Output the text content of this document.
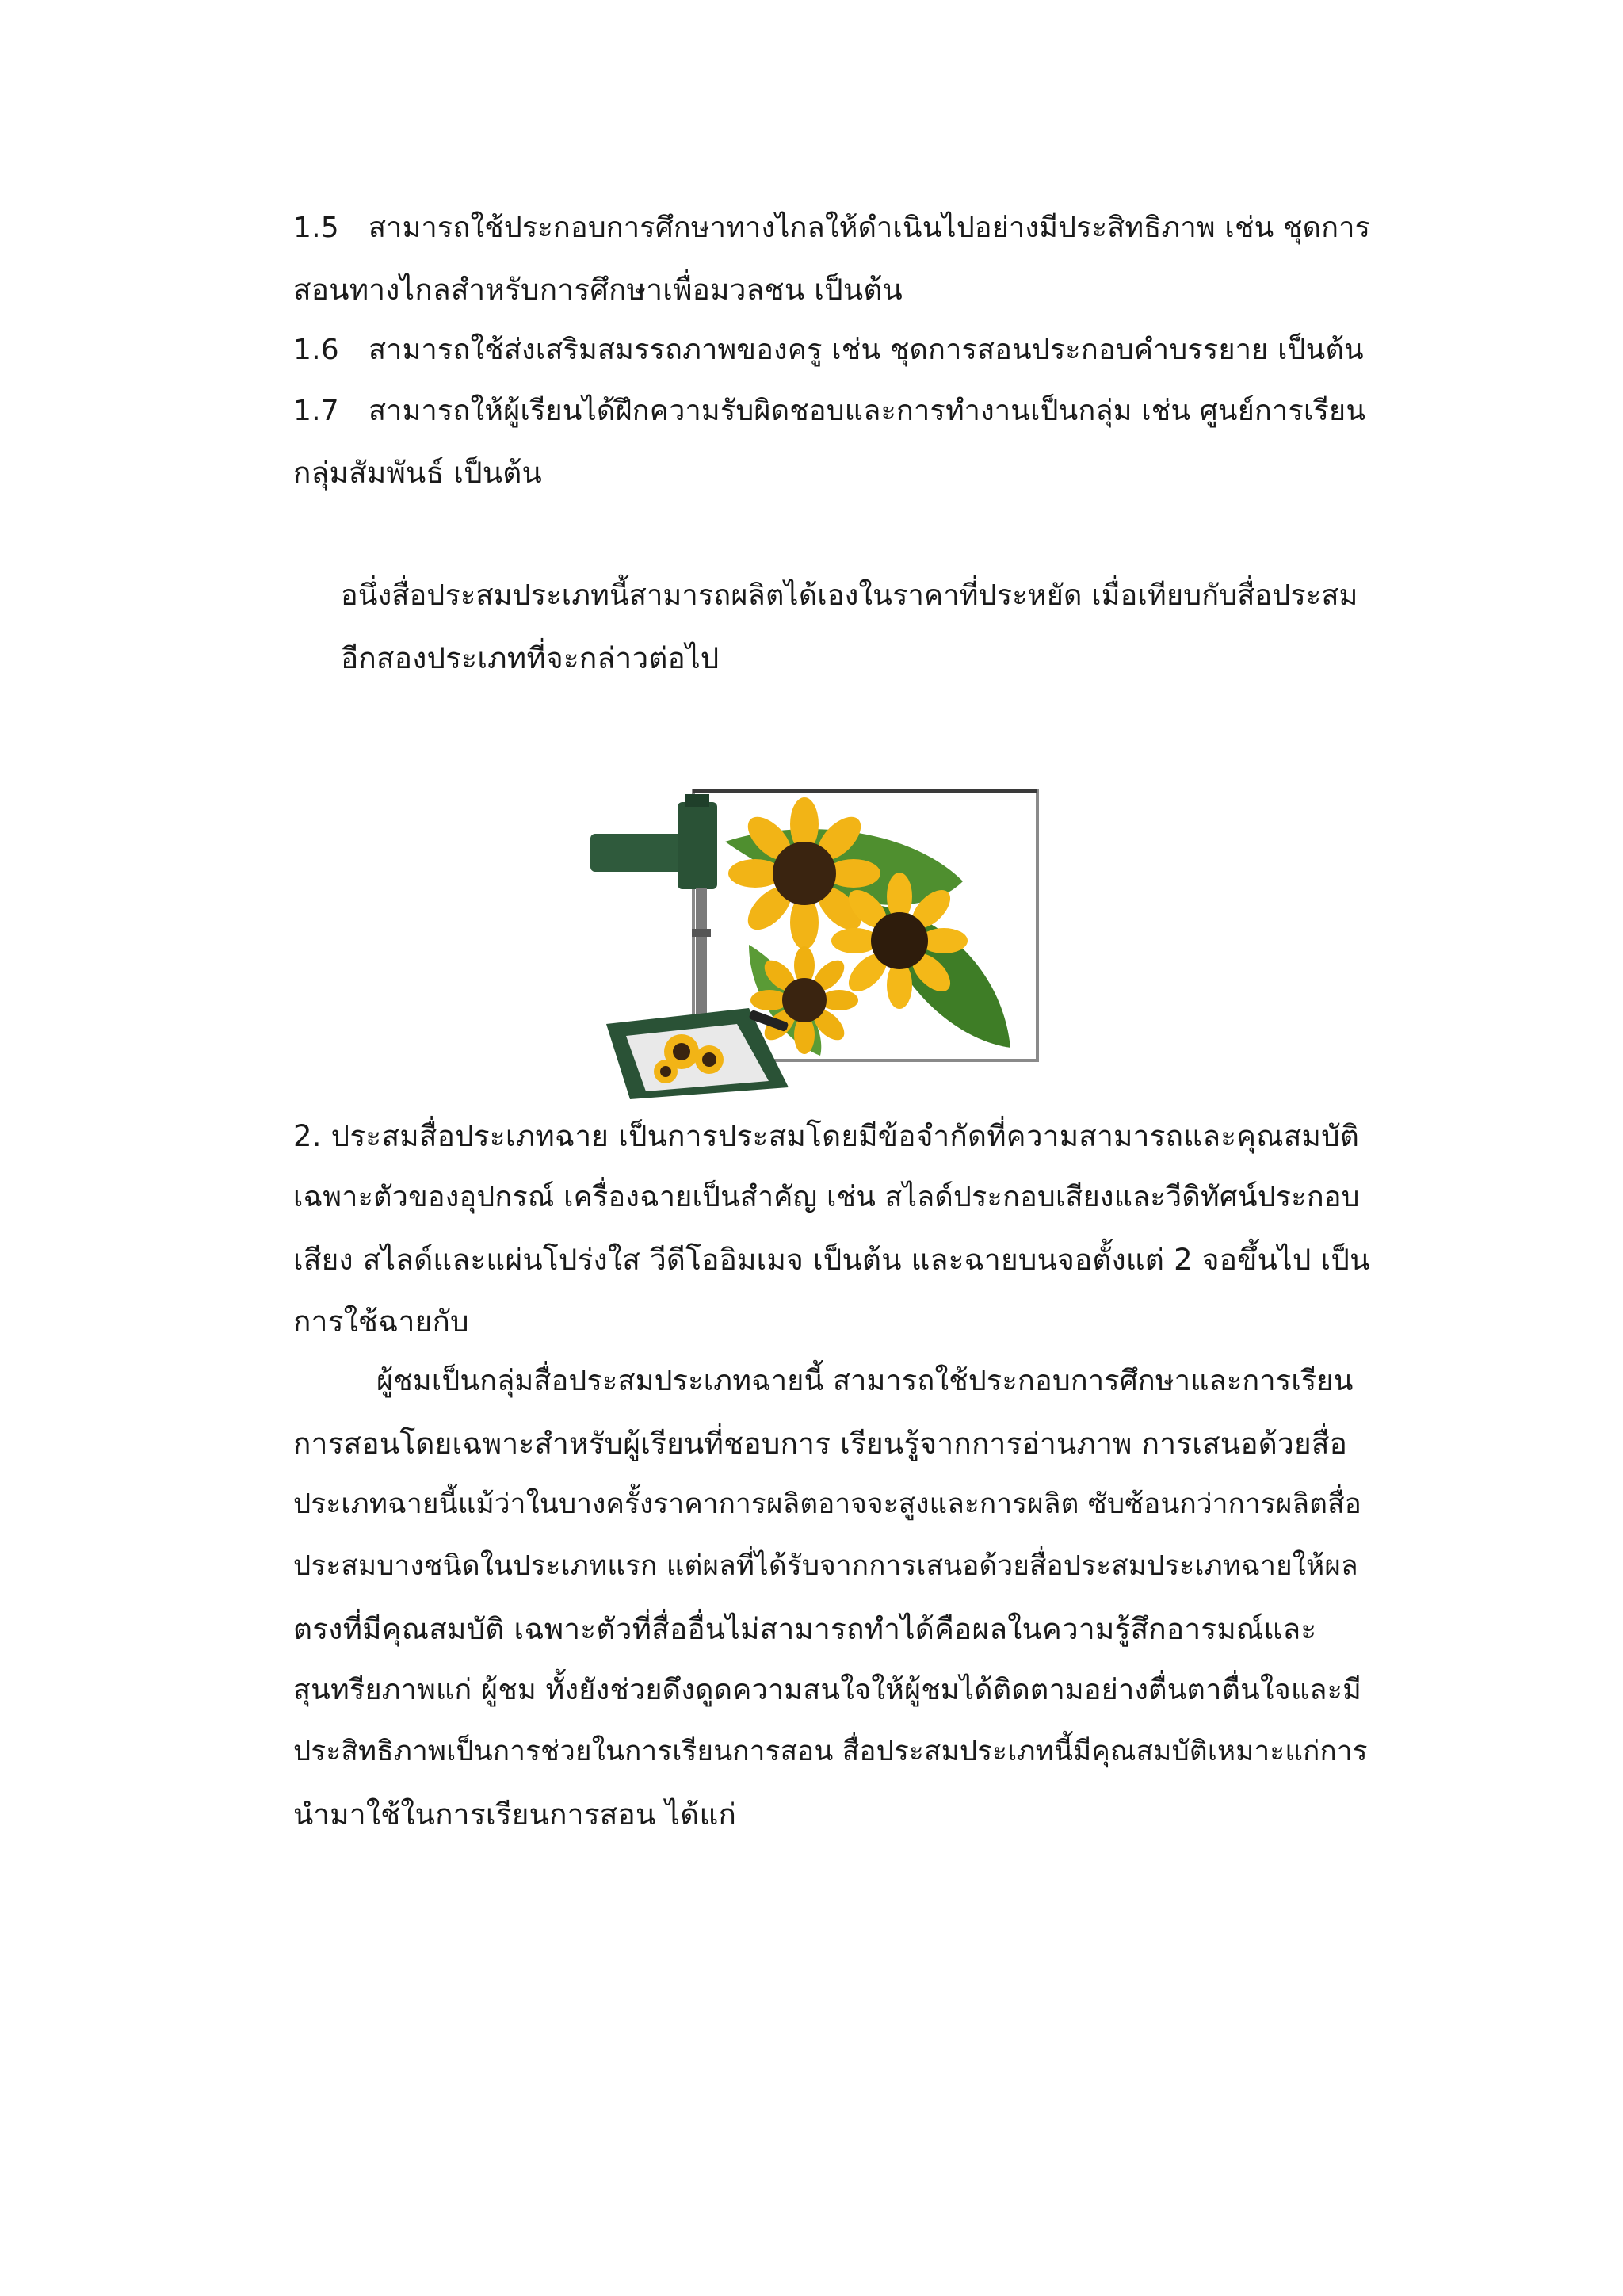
1.5 สามารถใช้ประกอบการศึกษาทางไกลให้ดำเนินไปอย่างมีประสิทธิภาพ เช่น ชุดการ
สอนทางไกลสำหรับการศึกษาเพื่อมวลชน เป็นต้น
1.6 สามารถใช้ส่งเสริมสมรรถภาพของครู เช่น ชุดการสอนประกอบคำบรรยาย เป็นต้น
1.7 สามารถให้ผู้เรียนได้ฝึกความรับผิดชอบและการทำงานเป็นกลุ่ม เช่น ศูนย์การเรียน
กลุ่มสัมพันธ์ เป็นต้น
อนึ่งสื่อประสมประเภทนี้สามารถผลิตได้เองในราคาที่ประหยัด เมื่อเทียบกับสื่อประสม
อีกสองประเภทที่จะกล่าวต่อไป
2. ประสมสื่อประเภทฉาย เป็นการประสมโดยมีข้อจำกัดที่ความสามารถและคุณสมบัติ
เฉพาะตัวของอุปกรณ์ เครื่องฉายเป็นสำคัญ เช่น สไลด์ประกอบเสียงและวีดิทัศน์ประกอบ
เสียง สไลด์และแผ่นโปร่งใส วีดีโออิมเมจ เป็นต้น และฉายบนจอตั้งแต่ 2 จอขึ้นไป เป็น
การใช้ฉายกับ
ผู้ชมเป็นกลุ่มสื่อประสมประเภทฉายนี้ สามารถใช้ประกอบการศึกษาและการเรียน
การสอนโดยเฉพาะสำหรับผู้เรียนที่ชอบการ เรียนรู้จากการอ่านภาพ การเสนอด้วยสื่อ
ประเภทฉายนี้แม้ว่าในบางครั้งราคาการผลิตอาจจะสูงและการผลิต ซับซ้อนกว่าการผลิตสื่อ
ประสมบางชนิดในประเภทแรก แต่ผลที่ได้รับจากการเสนอด้วยสื่อประสมประเภทฉายให้ผล
ตรงที่มีคุณสมบัติ เฉพาะตัวที่สื่ออื่นไม่สามารถทำได้คือผลในความรู้สึกอารมณ์และ
สุนทรียภาพแก่ ผู้ชม ทั้งยังช่วยดึงดูดความสนใจให้ผู้ชมได้ติดตามอย่างตื่นตาตื่นใจและมี
ประสิทธิภาพเป็นการช่วยในการเรียนการสอน สื่อประสมประเภทนี้มีคุณสมบัติเหมาะแก่การ
นำมาใช้ในการเรียนการสอน ได้แก่
